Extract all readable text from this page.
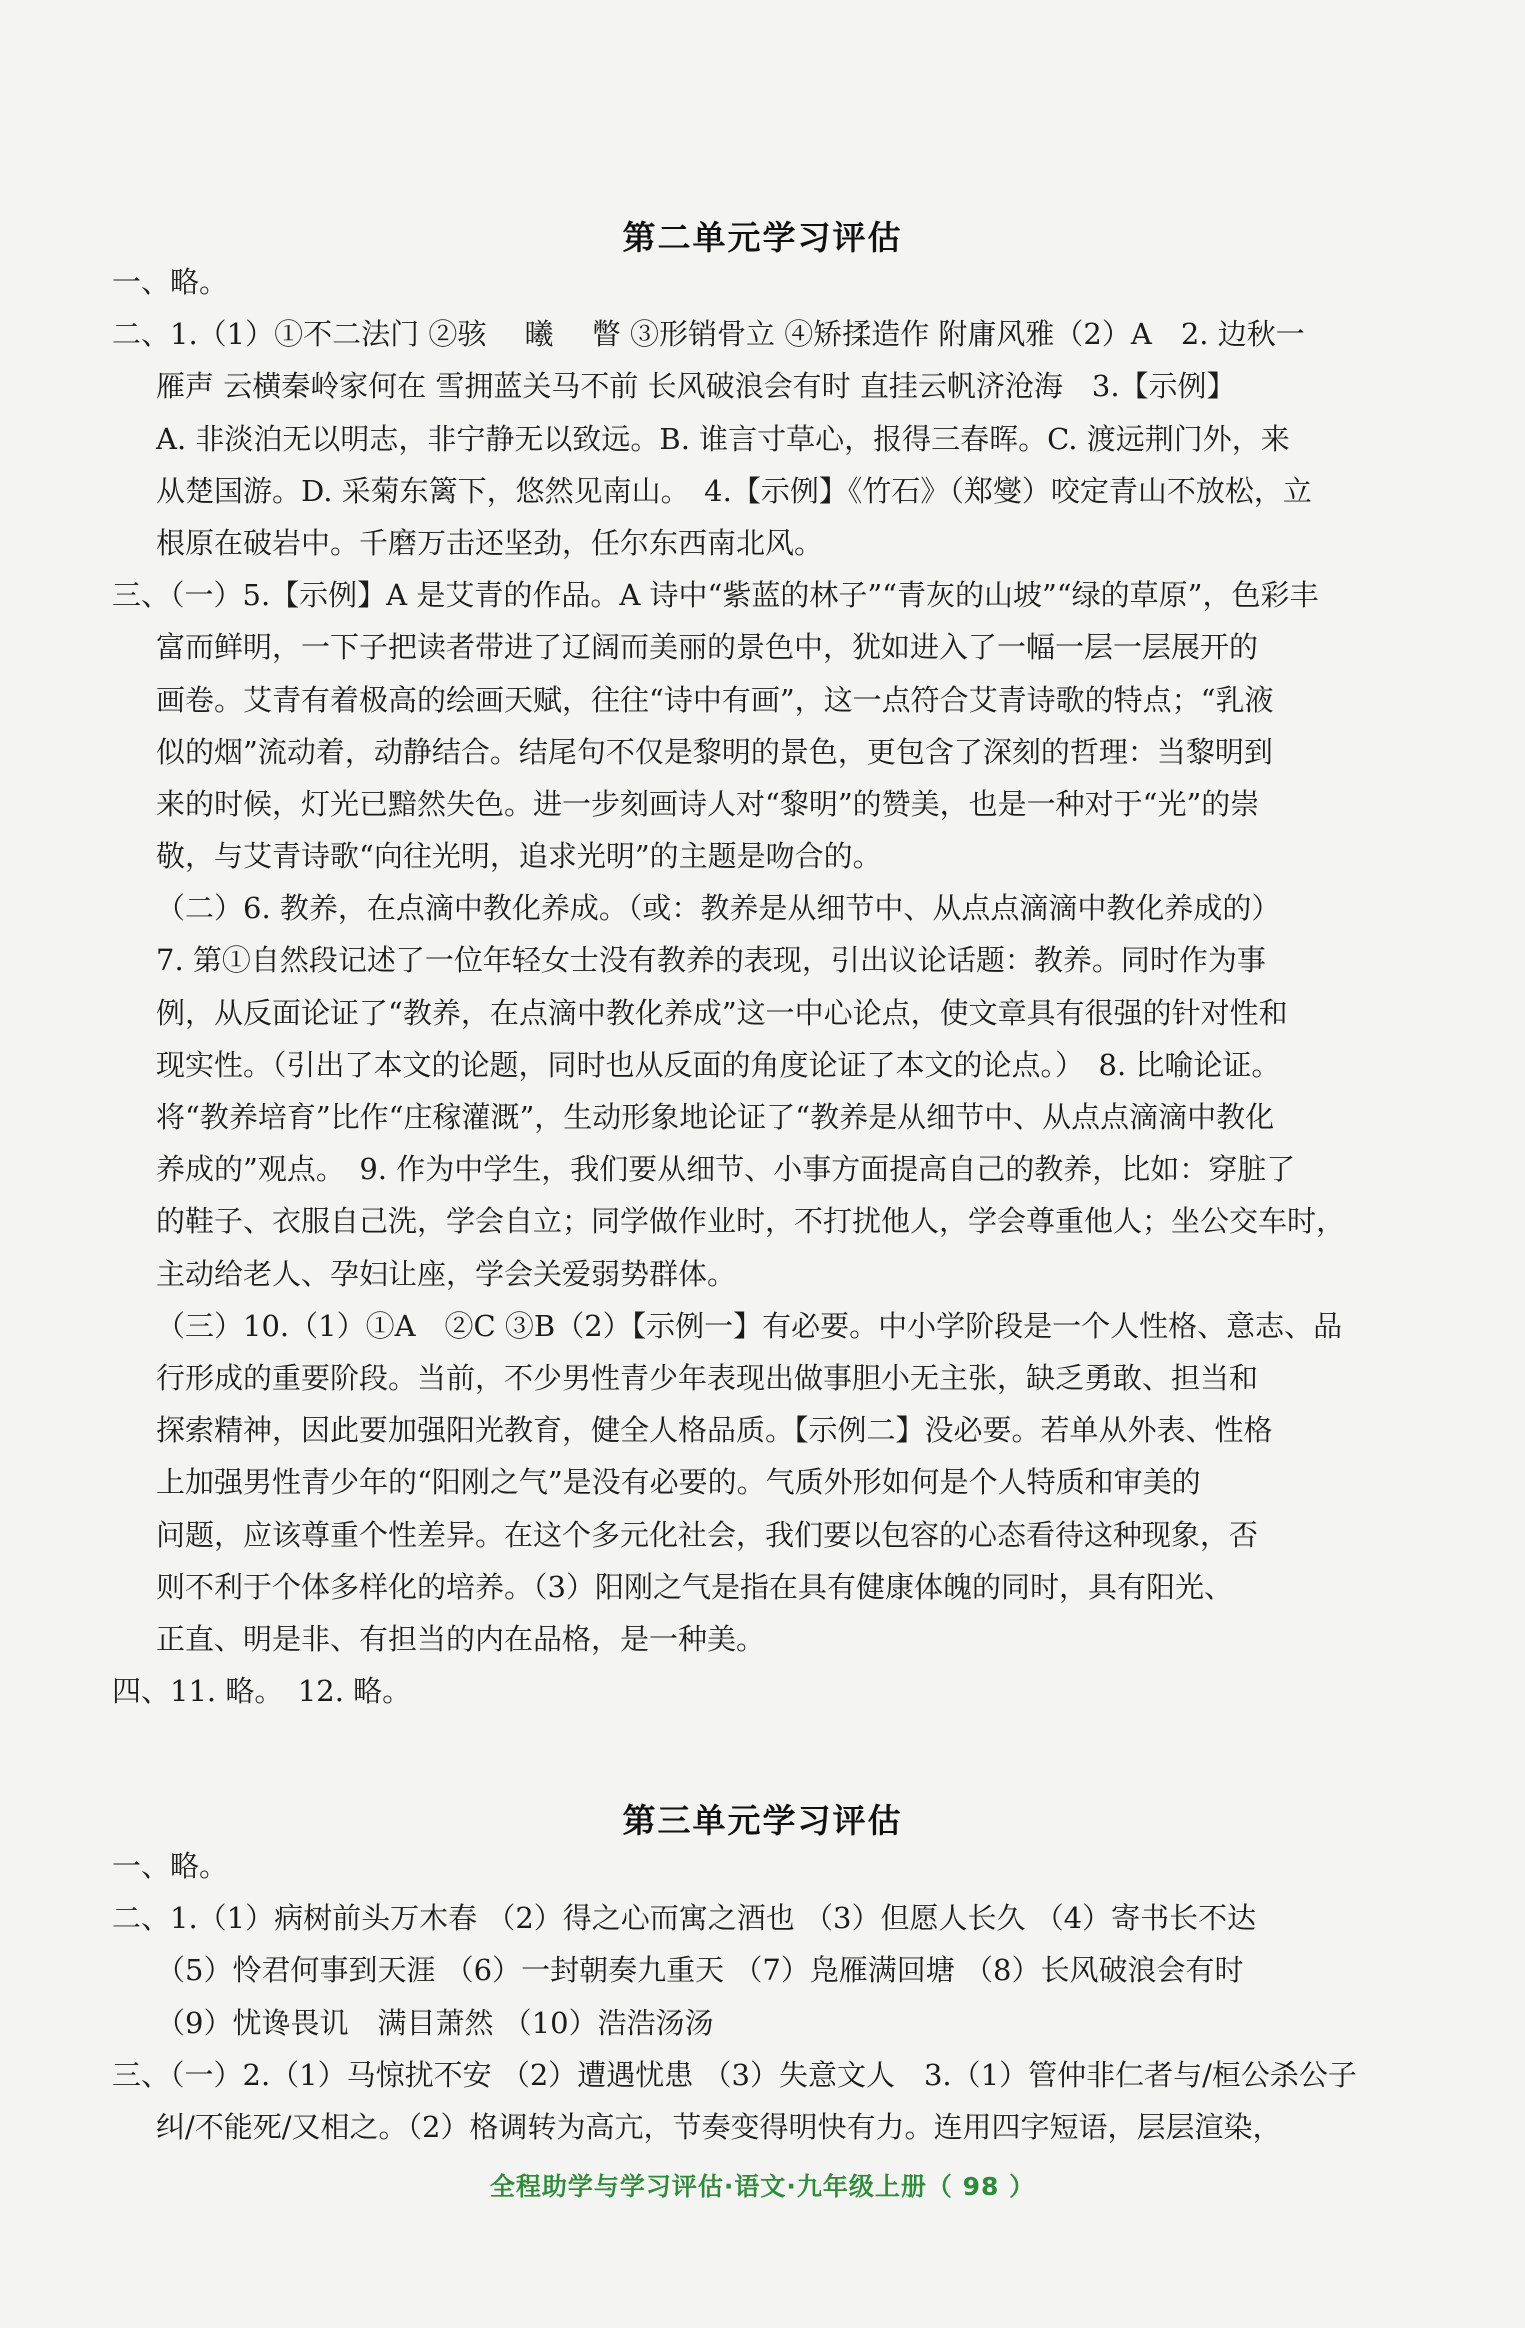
第二单元学习评估
一、略。
二、1.（1）①不二法门 ②骇　 曦　 瞥 ③形销骨立 ④矫揉造作 附庸风雅（2）A　2. 边秋一
雁声 云横秦岭家何在 雪拥蓝关马不前 长风破浪会有时 直挂云帆济沧海　3.【示例】
A. 非淡泊无以明志，非宁静无以致远。B. 谁言寸草心，报得三春晖。C. 渡远荆门外，来
从楚国游。D. 采菊东篱下，悠然见南山。　4.【示例】《竹石》（郑燮）咬定青山不放松，立
根原在破岩中。千磨万击还坚劲，任尔东西南北风。
三、（一）5.【示例】A 是艾青的作品。A 诗中“紫蓝的林子”“青灰的山坡”“绿的草原”，色彩丰
富而鲜明，一下子把读者带进了辽阔而美丽的景色中，犹如进入了一幅一层一层展开的
画卷。艾青有着极高的绘画天赋，往往“诗中有画”，这一点符合艾青诗歌的特点；“乳液
似的烟”流动着，动静结合。结尾句不仅是黎明的景色，更包含了深刻的哲理：当黎明到
来的时候，灯光已黯然失色。进一步刻画诗人对“黎明”的赞美，也是一种对于“光”的崇
敬，与艾青诗歌“向往光明，追求光明”的主题是吻合的。
（二）6. 教养，在点滴中教化养成。（或：教养是从细节中、从点点滴滴中教化养成的）
7. 第①自然段记述了一位年轻女士没有教养的表现，引出议论话题：教养。同时作为事
例，从反面论证了“教养，在点滴中教化养成”这一中心论点，使文章具有很强的针对性和
现实性。（引出了本文的论题，同时也从反面的角度论证了本文的论点。）　8. 比喻论证。
将“教养培育”比作“庄稼灌溉”，生动形象地论证了“教养是从细节中、从点点滴滴中教化
养成的”观点。　9. 作为中学生，我们要从细节、小事方面提高自己的教养，比如：穿脏了
的鞋子、衣服自己洗，学会自立；同学做作业时，不打扰他人，学会尊重他人；坐公交车时，
主动给老人、孕妇让座，学会关爱弱势群体。
（三）10.（1）①A　②C ③B（2）【示例一】有必要。中小学阶段是一个人性格、意志、品
行形成的重要阶段。当前，不少男性青少年表现出做事胆小无主张，缺乏勇敢、担当和
探索精神，因此要加强阳光教育，健全人格品质。【示例二】没必要。若单从外表、性格
上加强男性青少年的“阳刚之气”是没有必要的。气质外形如何是个人特质和审美的
问题，应该尊重个性差异。在这个多元化社会，我们要以包容的心态看待这种现象，否
则不利于个体多样化的培养。（3）阳刚之气是指在具有健康体魄的同时，具有阳光、
正直、明是非、有担当的内在品格，是一种美。
四、11. 略。　12. 略。
第三单元学习评估
一、略。
二、1.（1）病树前头万木春 （2）得之心而寓之酒也 （3）但愿人长久 （4）寄书长不达
（5）怜君何事到天涯 （6）一封朝奏九重天 （7）凫雁满回塘 （8）长风破浪会有时
（9）忧谗畏讥　满目萧然 （10）浩浩汤汤
三、（一）2.（1）马惊扰不安 （2）遭遇忧患 （3）失意文人　3.（1）管仲非仁者与/桓公杀公子
纠/不能死/又相之。（2）格调转为高亢，节奏变得明快有力。连用四字短语，层层渲染，
全程助学与学习评估·语文·九年级上册（ 98 ）
